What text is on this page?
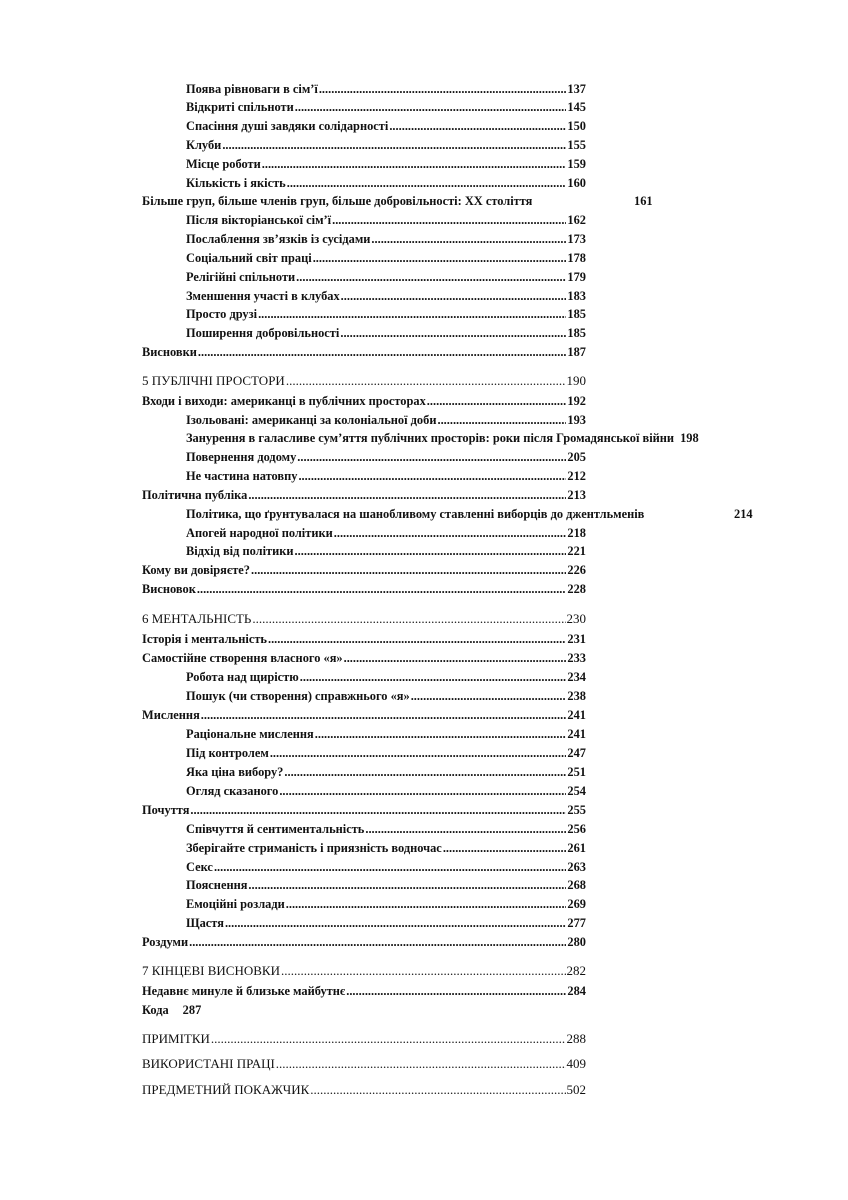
Поява рівноваги в сім’ї .....	137
Відкриті спільноти .....	145
Спасіння душі завдяки солідарності .....	150
Клуби .....	155
Місце роботи .....	159
Кількість і якість .....	160
Більше груп, більше членів груп, більше добровільності: XX століття	161
Після вікторіанської сім’ї .....	162
Послаблення зв’язків із сусідами .....	173
Соціальний світ праці .....	178
Релігійні спільноти .....	179
Зменшення участі в клубах .....	183
Просто друзі .....	185
Поширення добровільності .....	185
Висновки .....	187
5 ПУБЛІЧНІ ПРОСТОРИ .....	190
Входи і виходи: американці в публічних просторах .....	192
Ізольовані: американці за колоніальної доби .....	193
Занурення в галасливе сум’яття публічних просторів: роки після Громадянської війни 198
Повернення додому .....	205
Не частина натовпу .....	212
Політична публіка .....	213
Політика, що ґрунтувалася на шанобливому ставленні виборців до джентльменів	214
Апогей народної політики .....	218
Відхід від політики .....	221
Кому ви довіряєте? .....	226
Висновок .....	228
6 МЕНТАЛЬНІСТЬ .....	230
Історія і ментальність .....	231
Самостійне створення власного «я» .....	233
Робота над щирістю .....	234
Пошук (чи створення) справжнього «я» .....	238
Мислення .....	241
Раціональне мислення .....	241
Під контролем .....	247
Яка ціна вибору? .....	251
Огляд сказаного .....	254
Почуття .....	255
Співчуття й сентиментальність .....	256
Зберігайте стриманість і приязність водночас .....	261
Секс .....	263
Пояснення .....	268
Емоційні розлади .....	269
Щастя .....	277
Роздуми .....	280
7 КІНЦЕВІ ВИСНОВКИ .....	282
Недавнє минуле й близьке майбутнє .....	284
Кода 287
ПРИМІТКИ .....	288
ВИКОРИСТАНІ ПРАЦІ .....	409
ПРЕДМЕТНИЙ ПОКАЖЧИК .....	502
